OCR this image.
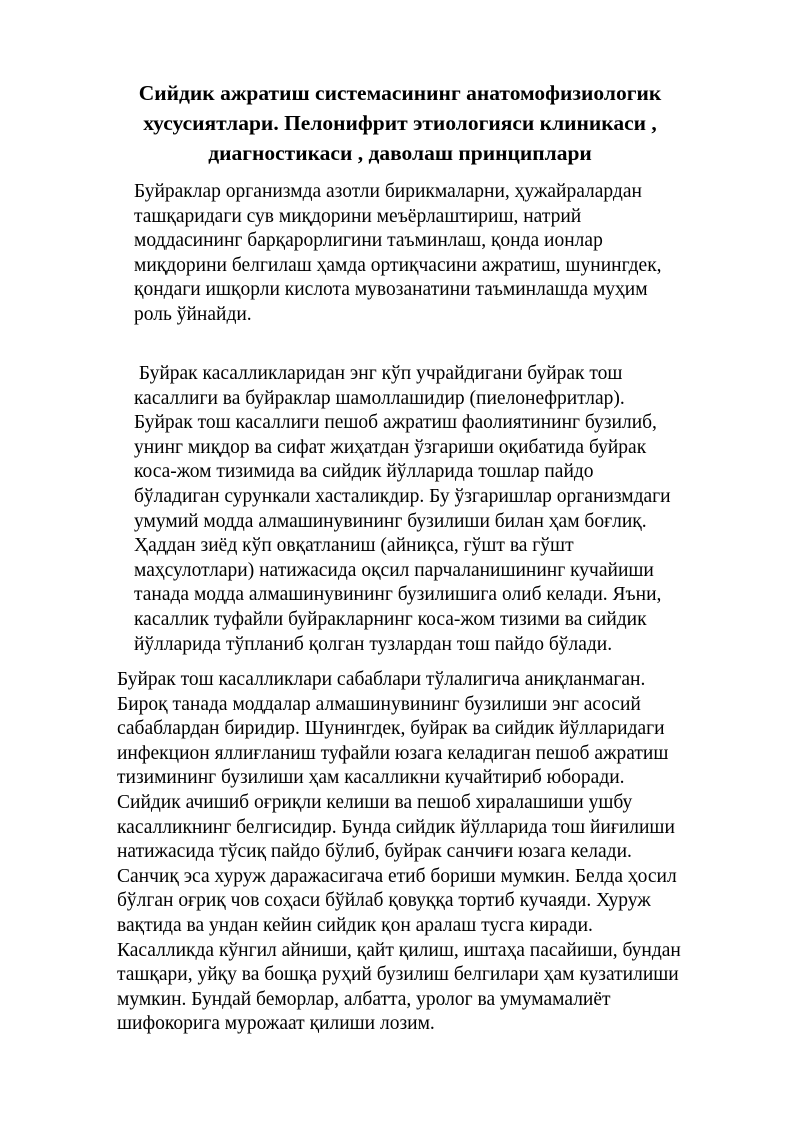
Сийдик ажратиш системасининг анатомофизиологик
хусусиятлари. Пелонифрит этиологияси клиникаси ,
диагностикаси , даволаш принциплари
Буйраклар организмда азотли бирикмаларни, ҳужайралардан
ташқаридаги сув миқдорини меъёрлаштириш, натрий
моддасининг барқарорлигини таъминлаш, қонда ионлар
миқдорини белгилаш ҳамда ортиқчасини ажратиш, шунингдек,
қондаги ишқорли кислота мувозанатини таъминлашда муҳим
роль ўйнайди.
Буйрак касалликларидан энг кўп учрайдигани буйрак тош
касаллиги ва буйраклар шамоллашидир (пиелонефритлар).
Буйрак тош касаллиги пешоб ажратиш фаолиятининг бузилиб,
унинг миқдор ва сифат жиҳатдан ўзгариши оқибатида буйрак
коса-жом тизимида ва сийдик йўлларида тошлар пайдо
бўладиган сурункали хасталикдир. Бу ўзгаришлар организмдаги
умумий модда алмашинувининг бузилиши билан ҳам боғлиқ.
Ҳаддан зиёд кўп овқатланиш (айниқса, гўшт ва гўшт
маҳсулотлари) натижасида оқсил парчаланишининг кучайиши
танада модда алмашинувининг бузилишига олиб келади. Яъни,
касаллик туфайли буйракларнинг коса-жом тизими ва сийдик
йўлларида тўпланиб қолган тузлардан тош пайдо бўлади.
Буйрак тош касалликлари сабаблари тўлалигича аниқланмаган.
Бироқ танада моддалар алмашинувининг бузилиши энг асосий
сабаблардан биридир. Шунингдек, буйрак ва сийдик йўлларидаги
инфекцион яллиғланиш туфайли юзага келадиган пешоб ажратиш
тизимининг бузилиши ҳам касалликни кучайтириб юборади.
Сийдик ачишиб оғриқли келиши ва пешоб хиралашиши ушбу
касалликнинг белгисидир. Бунда сийдик йўлларида тош йиғилиши
натижасида тўсиқ пайдо бўлиб, буйрак санчиғи юзага келади.
Санчиқ эса хуруж даражасигача етиб бориши мумкин. Белда ҳосил
бўлган оғриқ чов соҳаси бўйлаб қовуққа тортиб кучаяди. Хуруж
вақтида ва ундан кейин сийдик қон аралаш тусга киради.
Касалликда кўнгил айниши, қайт қилиш, иштаҳа пасайиши, бундан
ташқари, уйқу ва бошқа руҳий бузилиш белгилари ҳам кузатилиши
мумкин. Бундай беморлар, албатта, уролог ва умумамалиёт
шифокорига мурожаат қилиши лозим.
